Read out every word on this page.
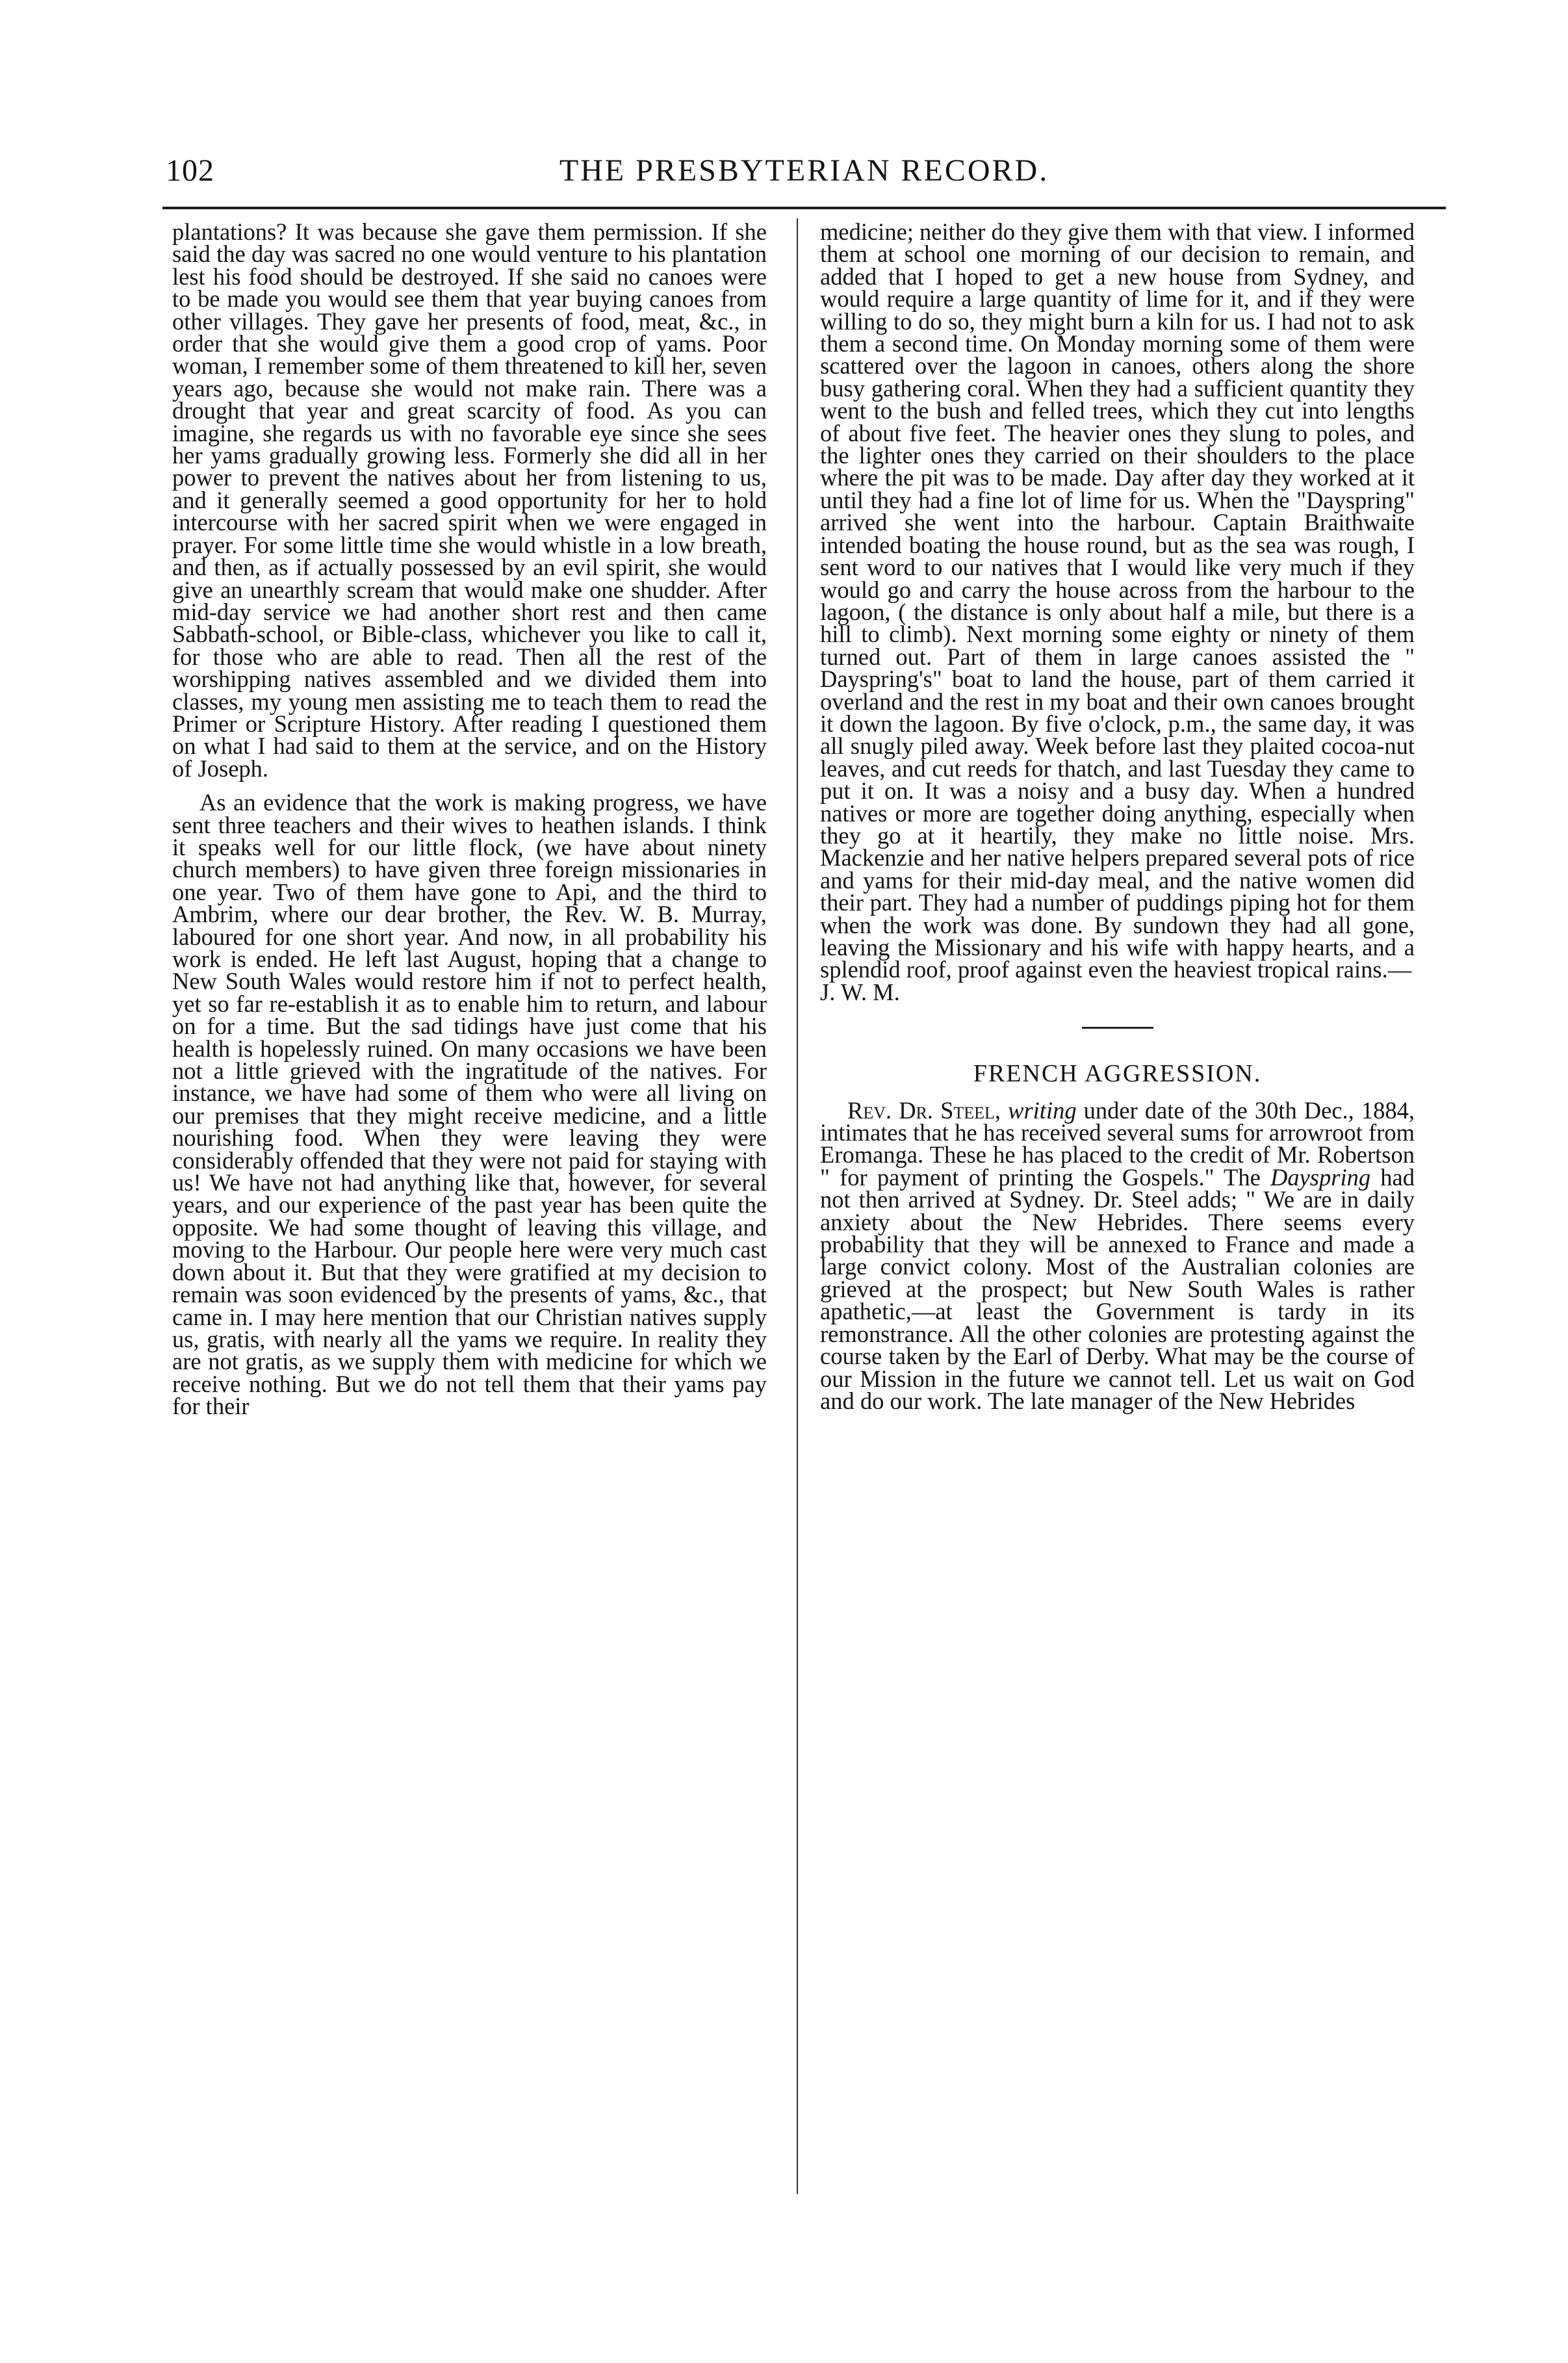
102	THE PRESBYTERIAN RECORD.

plantations? It was because she gave them permission. If she said the day was sacred no one would venture to his plantation lest his food should be destroyed. If she said no canoes were to be made you would see them that year buying canoes from other villages. They gave her presents of food, meat, &c., in order that she would give them a good crop of yams. Poor woman, I remember some of them threatened to kill her, seven years ago, because she would not make rain. There was a drought that year and great scarcity of food. As you can imagine, she regards us with no favorable eye since she sees her yams gradually growing less. Formerly she did all in her power to prevent the natives about her from listening to us, and it generally seemed a good opportunity for her to hold intercourse with her sacred spirit when we were engaged in prayer. For some little time she would whistle in a low breath, and then, as if actually possessed by an evil spirit, she would give an unearthly scream that would make one shudder. After mid-day service we had another short rest and then came Sabbath-school, or Bible-class, whichever you like to call it, for those who are able to read. Then all the rest of the worshipping natives assembled and we divided them into classes, my young men assisting me to teach them to read the Primer or Scripture History. After reading I questioned them on what I had said to them at the service, and on the History of Joseph.

As an evidence that the work is making progress, we have sent three teachers and their wives to heathen islands. I think it speaks well for our little flock, (we have about ninety church members) to have given three foreign missionaries in one year. Two of them have gone to Api, and the third to Ambrim, where our dear brother, the Rev. W. B. Murray, laboured for one short year. And now, in all probability his work is ended. He left last August, hoping that a change to New South Wales would restore him if not to perfect health, yet so far re-establish it as to enable him to return, and labour on for a time. But the sad tidings have just come that his health is hopelessly ruined. On many occasions we have been not a little grieved with the ingratitude of the natives. For instance, we have had some of them who were all living on our premises that they might receive medicine, and a little nourishing food. When they were leaving they were considerably offended that they were not paid for staying with us! We have not had anything like that, however, for several years, and our experience of the past year has been quite the opposite. We had some thought of leaving this village, and moving to the Harbour. Our people here were very much cast down about it. But that they were gratified at my decision to remain was soon evidenced by the presents of yams, &c., that came in. I may here mention that our Christian natives supply us, gratis, with nearly all the yams we require. In reality they are not gratis, as we supply them with medicine for which we receive nothing. But we do not tell them that their yams pay for their

medicine; neither do they give them with that view. I informed them at school one morning of our decision to remain, and added that I hoped to get a new house from Sydney, and would require a large quantity of lime for it, and if they were willing to do so, they might burn a kiln for us. I had not to ask them a second time. On Monday morning some of them were scattered over the lagoon in canoes, others along the shore busy gathering coral. When they had a sufficient quantity they went to the bush and felled trees, which they cut into lengths of about five feet. The heavier ones they slung to poles, and the lighter ones they carried on their shoulders to the place where the pit was to be made. Day after day they worked at it until they had a fine lot of lime for us. When the "Dayspring" arrived she went into the harbour. Captain Braithwaite intended boating the house round, but as the sea was rough, I sent word to our natives that I would like very much if they would go and carry the house across from the harbour to the lagoon, ( the distance is only about half a mile, but there is a hill to climb). Next morning some eighty or ninety of them turned out. Part of them in large canoes assisted the " Dayspring's" boat to land the house, part of them carried it overland and the rest in my boat and their own canoes brought it down the lagoon. By five o'clock, p.m., the same day, it was all snugly piled away. Week before last they plaited cocoa-nut leaves, and cut reeds for thatch, and last Tuesday they came to put it on. It was a noisy and a busy day. When a hundred natives or more are together doing anything, especially when they go at it heartily, they make no little noise. Mrs. Mackenzie and her native helpers prepared several pots of rice and yams for their mid-day meal, and the native women did their part. They had a number of puddings piping hot for them when the work was done. By sundown they had all gone, leaving the Missionary and his wife with happy hearts, and a splendid roof, proof against even the heaviest tropical rains.—

J. W. M.

FRENCH AGGRESSION.

Rev. Dr. Steel, writing under date of the 30th Dec., 1884, intimates that he has received several sums for arrowroot from Eromanga. These he has placed to the credit of Mr. Robertson " for payment of printing the Gospels." The Dayspring had not then arrived at Sydney. Dr. Steel adds; " We are in daily anxiety about the New Hebrides. There seems every probability that they will be annexed to France and made a large convict colony. Most of the Australian colonies are grieved at the prospect; but New South Wales is rather apathetic,—at least the Government is tardy in its remonstrance. All the other colonies are protesting against the course taken by the Earl of Derby. What may be the course of our Mission in the future we cannot tell. Let us wait on God and do our work. The late manager of the New Hebrides
